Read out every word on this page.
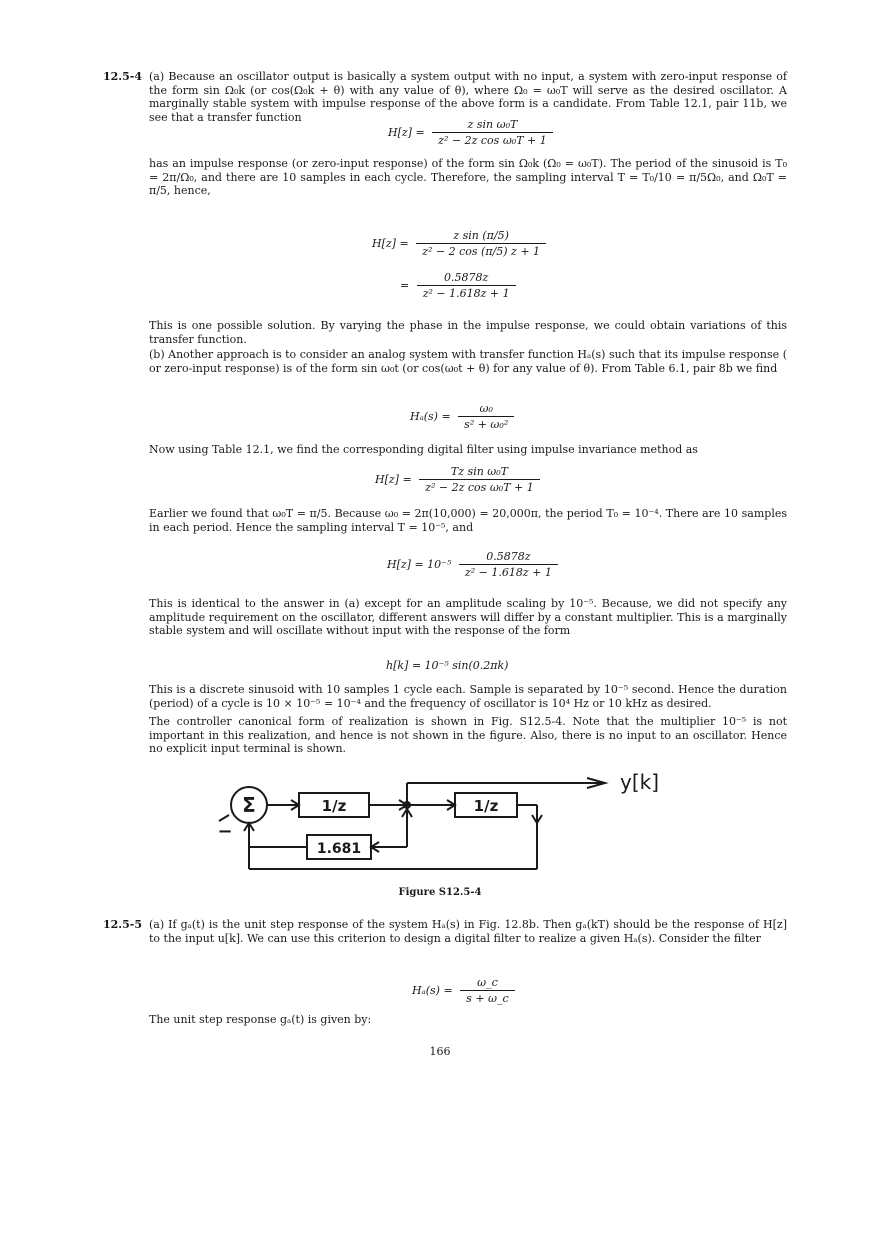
12.5-4 (a) Because an oscillator output is basically a system output with no input, a system with zero-input response of the form sin Ω₀k (or cos(Ω₀k + θ) with any value of θ), where Ω₀ = ω₀T will serve as the desired oscillator. A marginally stable system with impulse response of the above form is a candidate. From Table 12.1, pair 11b, we see that a transfer function
$H[z] = \frac{\text{z sin ω₀T}}{\text{z² − 2z cos ω₀T + 1}}$
has an impulse response (or zero-input response) of the form sin Ω₀k (Ω₀ = ω₀T). The period of the sinusoid is T₀ = 2π/Ω₀, and there are 10 samples in each cycle. Therefore, the sampling interval T = T₀/10 = π/5Ω₀, and Ω₀T = π/5, hence,
$H[z] = \frac{\text{z sin (π/5)}}{\text{z² − 2 cos (π/5) z + 1}}$
= $\frac{0.5878z}{\text{z² − 1.618z + 1}}$
This is one possible solution. By varying the phase in the impulse response, we could obtain variations of this transfer function.
(b) Another approach is to consider an analog system with transfer function Hₐ(s) such that its impulse response ( or zero-input response) is of the form sin ω₀t (or cos(ω₀t + θ) for any value of θ). From Table 6.1, pair 8b we find
$H_a(s) = \frac{\text{ω₀}}{\text{s² + ω₀²}}$
Now using Table 12.1, we find the corresponding digital filter using impulse invariance method as
$H[z] = \frac{\text{Tz sin ω₀T}}{\text{z² − 2z cos ω₀T + 1}}$
Earlier we found that ω₀T = π/5. Because ω₀ = 2π(10,000) = 20,000π, the period T₀ = 10⁻⁴. There are 10 samples in each period. Hence the sampling interval T = 10⁻⁵, and
$H[z] = 10^{-5} \frac{0.5878z}{\text{z² − 1.618z + 1}}$
This is identical to the answer in (a) except for an amplitude scaling by 10⁻⁵. Because, we did not specify any amplitude requirement on the oscillator, different answers will differ by a constant multiplier. This is a marginally stable system and will oscillate without input with the response of the form
h[k] = 10⁻⁵ sin(0.2πk)
This is a discrete sinusoid with 10 samples 1 cycle each. Sample is separated by 10⁻⁵ second. Hence the duration (period) of a cycle is 10 × 10⁻⁵ = 10⁻⁴ and the frequency of oscillator is 10⁴ Hz or 10 kHz as desired.
The controller canonical form of realization is shown in Fig. S12.5-4. Note that the multiplier 10⁻⁵ is not important in this realization, and hence is not shown in the figure. Also, there is no input to an oscillator. Hence no explicit input terminal is shown.
Σ	1/z	1/z
1.681
−
y[k]
Figure S12.5-4
12.5-5 (a) If gₐ(t) is the unit step response of the system Hₐ(s) in Fig. 12.8b. Then gₐ(kT) should be the response of H[z] to the input u[k]. We can use this criterion to design a digital filter to realize a given Hₐ(s). Consider the filter
$H_a(s) = \frac{\omega\_c}{s + \omega\_c}$
The unit step response gₐ(t) is given by:
166
